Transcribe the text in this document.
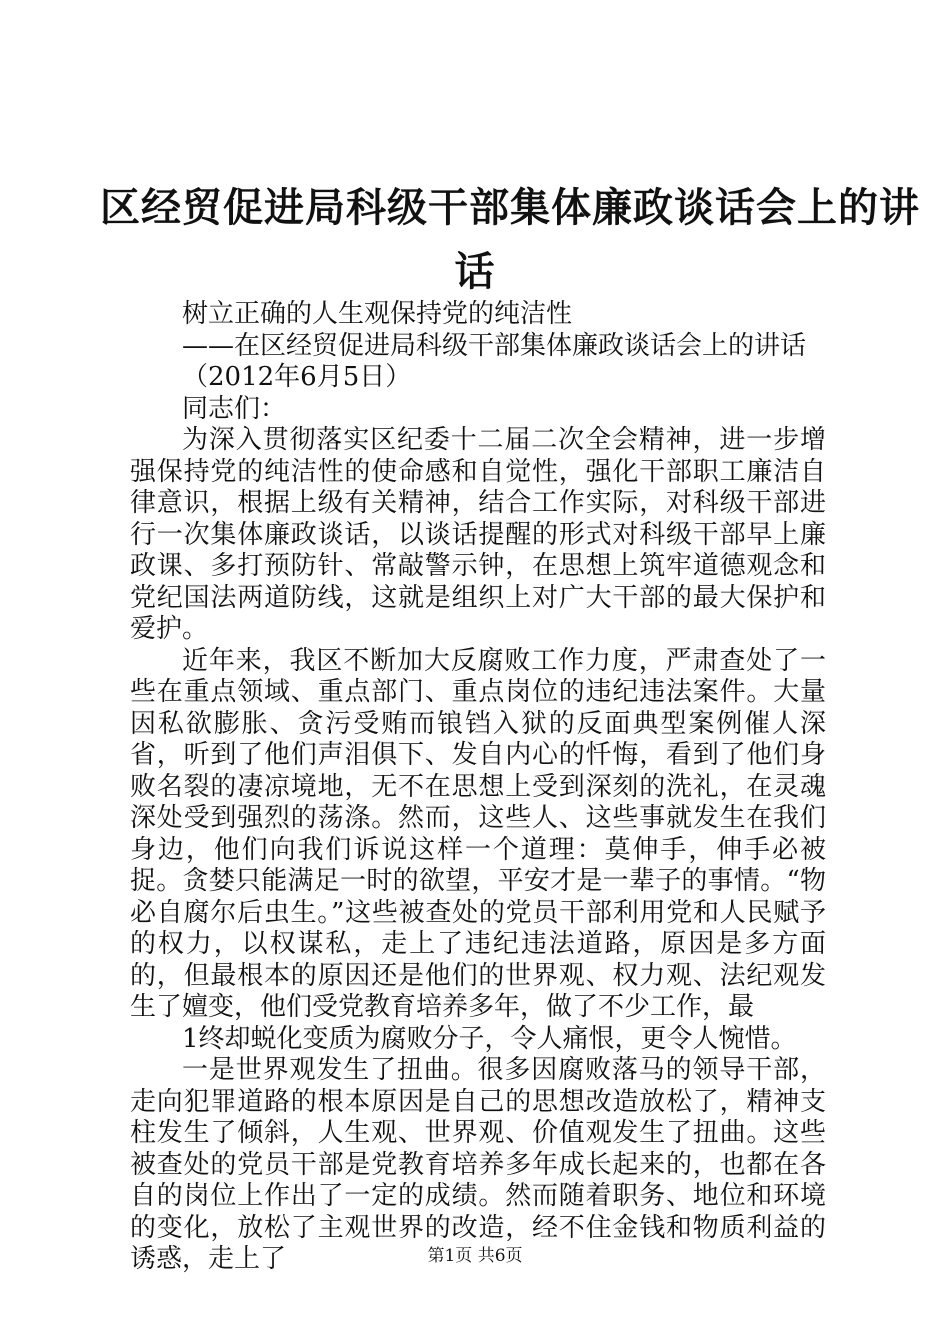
区经贸促进局科级干部集体廉政谈话会上的讲
话

树立正确的人生观保持党的纯洁性

——在区经贸促进局科级干部集体廉政谈话会上的讲话

（2012年6月5日）

同志们：

为深入贯彻落实区纪委十二届二次全会精神，进一步增强保持党的纯洁性的使命感和自觉性，强化干部职工廉洁自律意识，根据上级有关精神，结合工作实际，对科级干部进行一次集体廉政谈话，以谈话提醒的形式对科级干部早上廉政课、多打预防针、常敲警示钟，在思想上筑牢道德观念和党纪国法两道防线，这就是组织上对广大干部的最大保护和爱护。

近年来，我区不断加大反腐败工作力度，严肃查处了一些在重点领域、重点部门、重点岗位的违纪违法案件。大量因私欲膨胀、贪污受贿而锒铛入狱的反面典型案例催人深省，听到了他们声泪俱下、发自内心的忏悔，看到了他们身败名裂的凄凉境地，无不在思想上受到深刻的洗礼，在灵魂深处受到强烈的荡涤。然而，这些人、这些事就发生在我们身边，他们向我们诉说这样一个道理：莫伸手，伸手必被捉。贪婪只能满足一时的欲望，平安才是一辈子的事情。“物必自腐尔后虫生。”这些被查处的党员干部利用党和人民赋予的权力，以权谋私，走上了违纪违法道路，原因是多方面的，但最根本的原因还是他们的世界观、权力观、法纪观发生了嬗变，他们受党教育培养多年，做了不少工作，最

1终却蜕化变质为腐败分子，令人痛恨，更令人惋惜。

一是世界观发生了扭曲。很多因腐败落马的领导干部，走向犯罪道路的根本原因是自己的思想改造放松了，精神支柱发生了倾斜，人生观、世界观、价值观发生了扭曲。这些被查处的党员干部是党教育培养多年成长起来的，也都在各自的岗位上作出了一定的成绩。然而随着职务、地位和环境的变化，放松了主观世界的改造，经不住金钱和物质利益的诱惑，走上了	第1页 共6页
